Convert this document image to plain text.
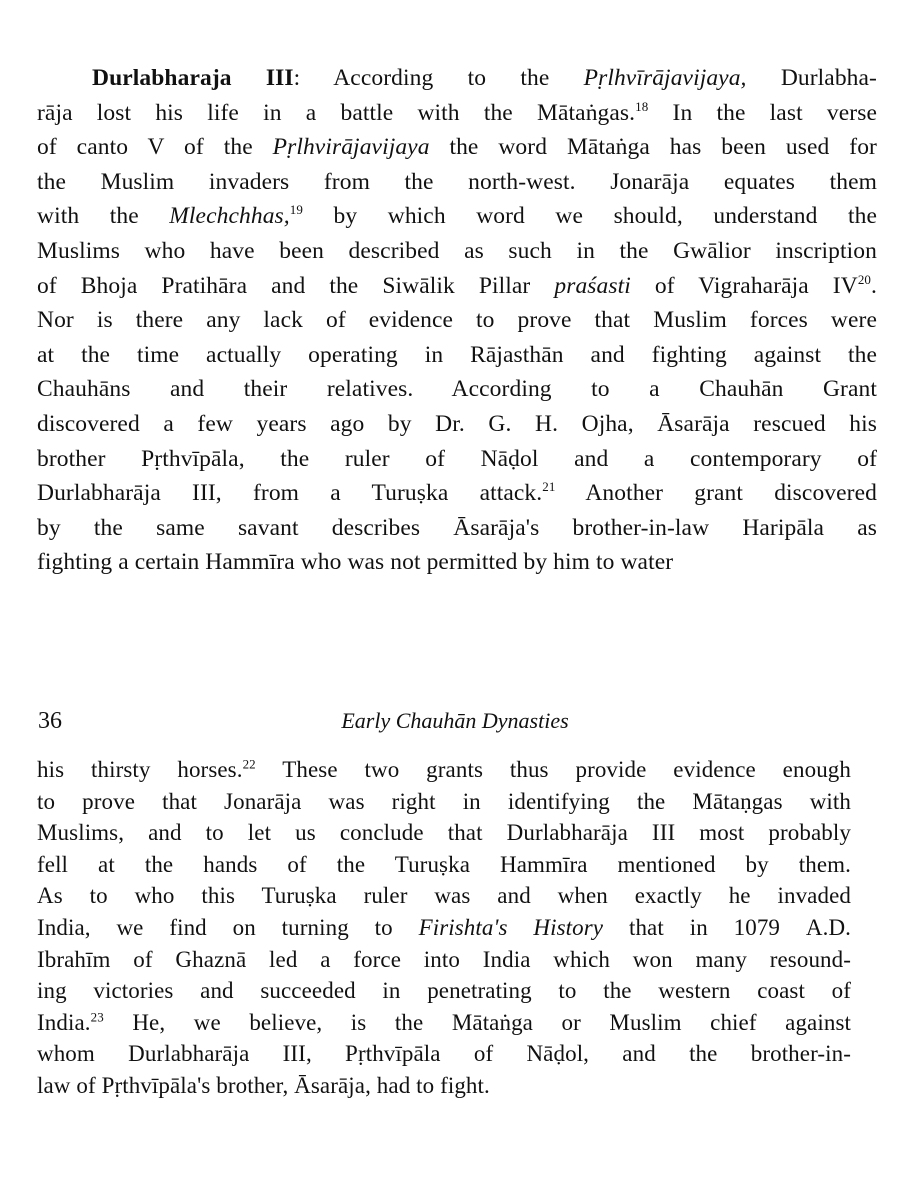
Durlabharaja III: According to the Pṛlhvīrājavijaya, Durlabha-
rāja lost his life in a battle with the Mātaṅgas.$^{18}$ In the last verse
of canto V of the Pṛlhvirājavijaya the word Mātaṅga has been used for
the Muslim invaders from the north-west. Jonarāja equates them
with the Mlechchhas,$^{19}$ by which word we should, understand the
Muslims who have been described as such in the Gwālior inscription
of Bhoja Pratihāra and the Siwālik Pillar praśasti of Vigraharāja IV$^{20}$.
Nor is there any lack of evidence to prove that Muslim forces were
at the time actually operating in Rājasthān and fighting against the
Chauhāns and their relatives. According to a Chauhān Grant
discovered a few years ago by Dr. G. H. Ojha, Āsarāja rescued his
brother Pṛthvīpāla, the ruler of Nāḍol and a contemporary of
Durlabharāja III, from a Turuṣka attack.$^{21}$ Another grant discovered
by the same savant describes Āsarāja's brother-in-law Haripāla as
fighting a certain Hammīra who was not permitted by him to water
36	Early Chauhān Dynasties
his thirsty horses.$^{22}$ These two grants thus provide evidence enough
to prove that Jonarāja was right in identifying the Mātaṇgas with
Muslims, and to let us conclude that Durlabharāja III most probably
fell at the hands of the Turuṣka Hammīra mentioned by them.
As to who this Turuṣka ruler was and when exactly he invaded
India, we find on turning to Firishta's History that in 1079 A.D.
Ibrahīm of Ghaznā led a force into India which won many resound-
ing victories and succeeded in penetrating to the western coast of
India.$^{23}$ He, we believe, is the Mātaṅga or Muslim chief against
whom Durlabharāja III, Pṛthvīpāla of Nāḍol, and the brother-in-
law of Pṛthvīpāla's brother, Āsarāja, had to fight.
